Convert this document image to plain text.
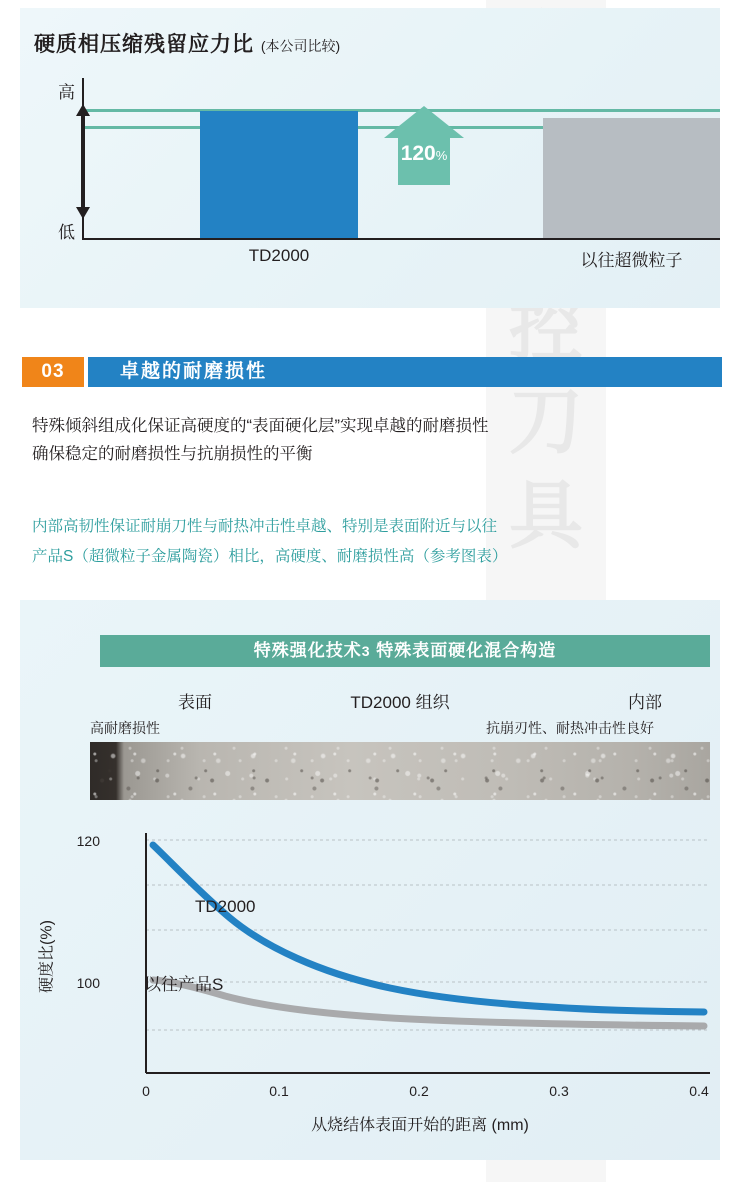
控
刀
具
硬质相压缩残留应力比 (本公司比较)
高
低
120%
TD2000	以往超微粒子
03	卓越的耐磨损性
特殊倾斜组成化保证高硬度的“表面硬化层”实现卓越的耐磨损性
确保稳定的耐磨损性与抗崩损性的平衡
内部高韧性保证耐崩刀性与耐热冲击性卓越、特别是表面附近与以往
产品S（超微粒子金属陶瓷）相比，高硬度、耐磨损性高（参考图表）
特殊强化技术3 特殊表面硬化混合构造
表面	TD2000 组织	内部
高耐磨损性	抗崩刃性、耐热冲击性良好
硬度比(%)
从烧结体表面开始的距离 (mm)
120
100
0	0.1	0.2	0.3	0.4
TD2000
以往产品S
